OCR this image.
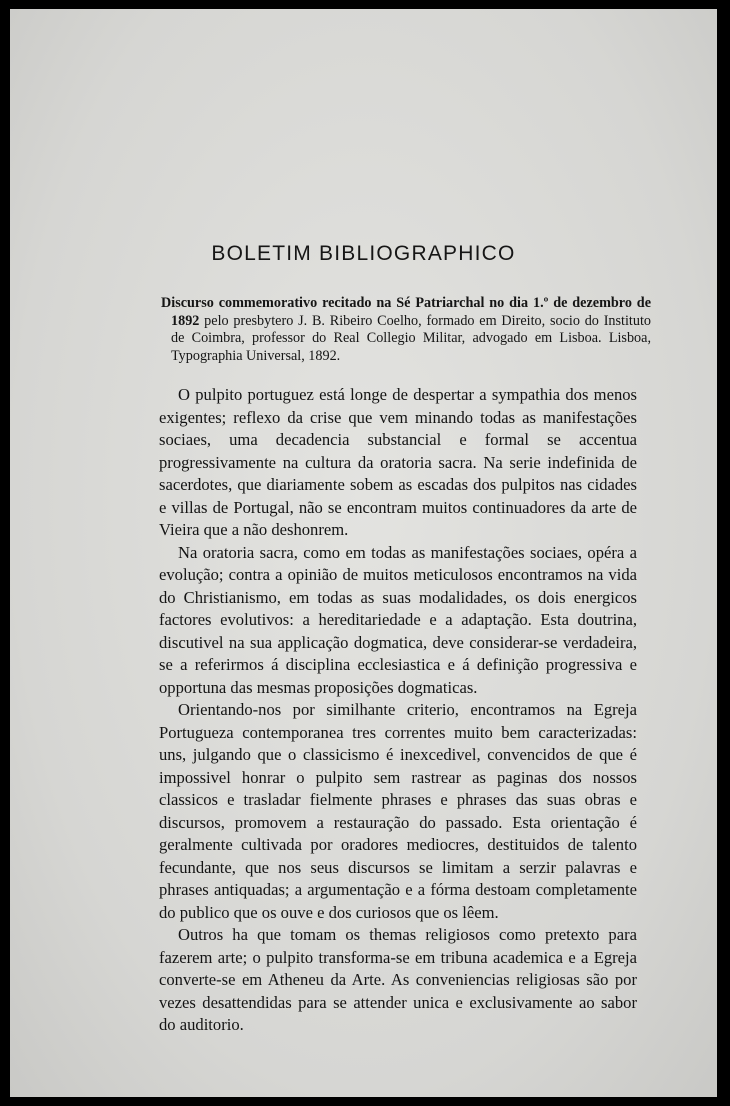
BOLETIM BIBLIOGRAPHICO

Discurso commemorativo recitado na Sé Patriarchal no dia 1.º de dezembro de 1892 pelo presbytero J. B. Ribeiro Coelho, formado em Direito, socio do Instituto de Coimbra, professor do Real Collegio Militar, advogado em Lisboa. Lisboa, Typographia Universal, 1892.

O pulpito portuguez está longe de despertar a sympathia dos menos exigentes; reflexo da crise que vem minando todas as manifestações sociaes, uma decadencia substancial e formal se accentua progressivamente na cultura da oratoria sacra. Na serie indefinida de sacerdotes, que diariamente sobem as escadas dos pulpitos nas cidades e villas de Portugal, não se encontram muitos continuadores da arte de Vieira que a não deshonrem.

Na oratoria sacra, como em todas as manifestações sociaes, opéra a evolução; contra a opinião de muitos meticulosos encontramos na vida do Christianismo, em todas as suas modalidades, os dois energicos factores evolutivos: a hereditariedade e a adaptação. Esta doutrina, discutivel na sua applicação dogmatica, deve considerar-se verdadeira, se a referirmos á disciplina ecclesiastica e á definição progressiva e opportuna das mesmas proposições dogmaticas.

Orientando-nos por similhante criterio, encontramos na Egreja Portugueza contemporanea tres correntes muito bem caracterizadas: uns, julgando que o classicismo é inexcedivel, convencidos de que é impossivel honrar o pulpito sem rastrear as paginas dos nossos classicos e trasladar fielmente phrases e phrases das suas obras e discursos, promovem a restauração do passado. Esta orientação é geralmente cultivada por oradores mediocres, destituidos de talento fecundante, que nos seus discursos se limitam a serzir palavras e phrases antiquadas; a argumentação e a fórma destoam completamente do publico que os ouve e dos curiosos que os lêem.

Outros ha que tomam os themas religiosos como pretexto para fazerem arte; o pulpito transforma-se em tribuna academica e a Egreja converte-se em Atheneu da Arte. As conveniencias religiosas são por vezes desattendidas para se attender unica e exclusivamente ao sabor do auditorio.
